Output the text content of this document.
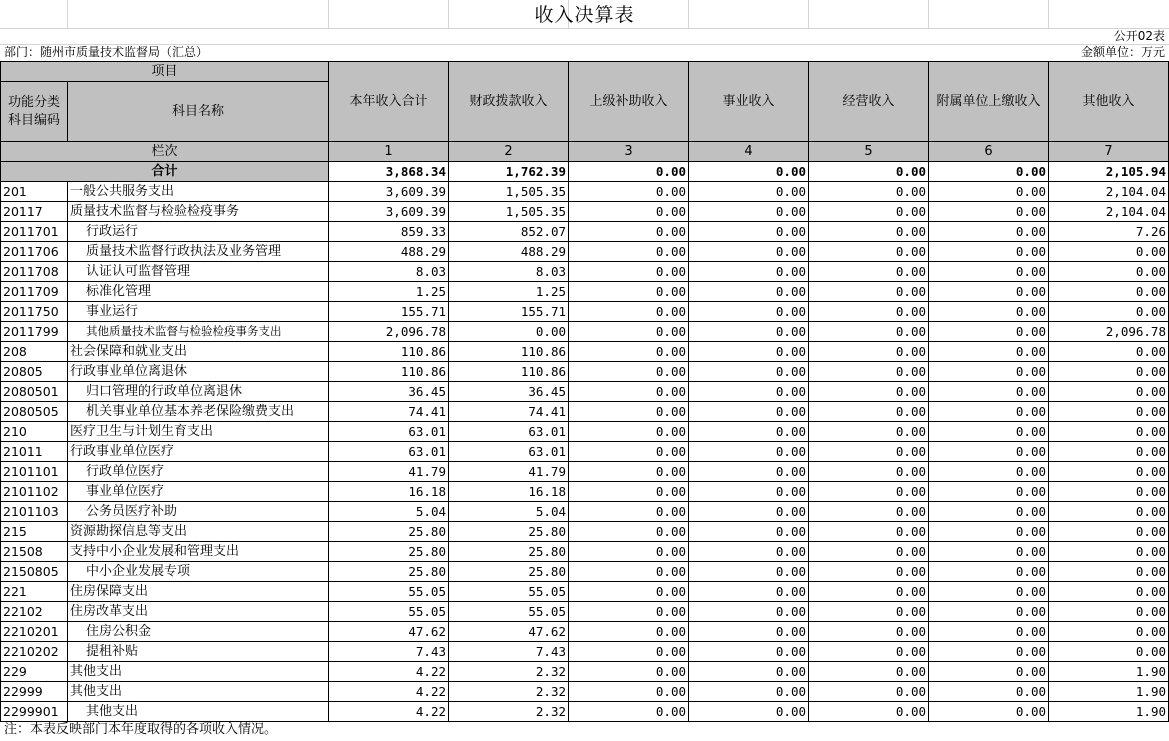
收入决算表
公开02表
部门：随州市质量技术监督局（汇总）	金额单位：万元
项目		本年收入合计	财政拨款收入	上级补助收入	事业收入	经营收入	附属单位上缴收入	其他收入
功能分类科目编码	科目名称							
栏次		1	2	3	4	5	6	7
合计		3,868.34	1,762.39	0.00	0.00	0.00	0.00	2,105.94
201	一般公共服务支出	3,609.39	1,505.35	0.00	0.00	0.00	0.00	2,104.04
20117	质量技术监督与检验检疫事务	3,609.39	1,505.35	0.00	0.00	0.00	0.00	2,104.04
2011701	行政运行	859.33	852.07	0.00	0.00	0.00	0.00	7.26
2011706	质量技术监督行政执法及业务管理	488.29	488.29	0.00	0.00	0.00	0.00	0.00
2011708	认证认可监督管理	8.03	8.03	0.00	0.00	0.00	0.00	0.00
2011709	标准化管理	1.25	1.25	0.00	0.00	0.00	0.00	0.00
2011750	事业运行	155.71	155.71	0.00	0.00	0.00	0.00	0.00
2011799	其他质量技术监督与检验检疫事务支出	2,096.78	0.00	0.00	0.00	0.00	0.00	2,096.78
208	社会保障和就业支出	110.86	110.86	0.00	0.00	0.00	0.00	0.00
20805	行政事业单位离退休	110.86	110.86	0.00	0.00	0.00	0.00	0.00
2080501	归口管理的行政单位离退休	36.45	36.45	0.00	0.00	0.00	0.00	0.00
2080505	机关事业单位基本养老保险缴费支出	74.41	74.41	0.00	0.00	0.00	0.00	0.00
210	医疗卫生与计划生育支出	63.01	63.01	0.00	0.00	0.00	0.00	0.00
21011	行政事业单位医疗	63.01	63.01	0.00	0.00	0.00	0.00	0.00
2101101	行政单位医疗	41.79	41.79	0.00	0.00	0.00	0.00	0.00
2101102	事业单位医疗	16.18	16.18	0.00	0.00	0.00	0.00	0.00
2101103	公务员医疗补助	5.04	5.04	0.00	0.00	0.00	0.00	0.00
215	资源勘探信息等支出	25.80	25.80	0.00	0.00	0.00	0.00	0.00
21508	支持中小企业发展和管理支出	25.80	25.80	0.00	0.00	0.00	0.00	0.00
2150805	中小企业发展专项	25.80	25.80	0.00	0.00	0.00	0.00	0.00
221	住房保障支出	55.05	55.05	0.00	0.00	0.00	0.00	0.00
22102	住房改革支出	55.05	55.05	0.00	0.00	0.00	0.00	0.00
2210201	住房公积金	47.62	47.62	0.00	0.00	0.00	0.00	0.00
2210202	提租补贴	7.43	7.43	0.00	0.00	0.00	0.00	0.00
229	其他支出	4.22	2.32	0.00	0.00	0.00	0.00	1.90
22999	其他支出	4.22	2.32	0.00	0.00	0.00	0.00	1.90
2299901	其他支出	4.22	2.32	0.00	0.00	0.00	0.00	1.90
注：本表反映部门本年度取得的各项收入情况。
